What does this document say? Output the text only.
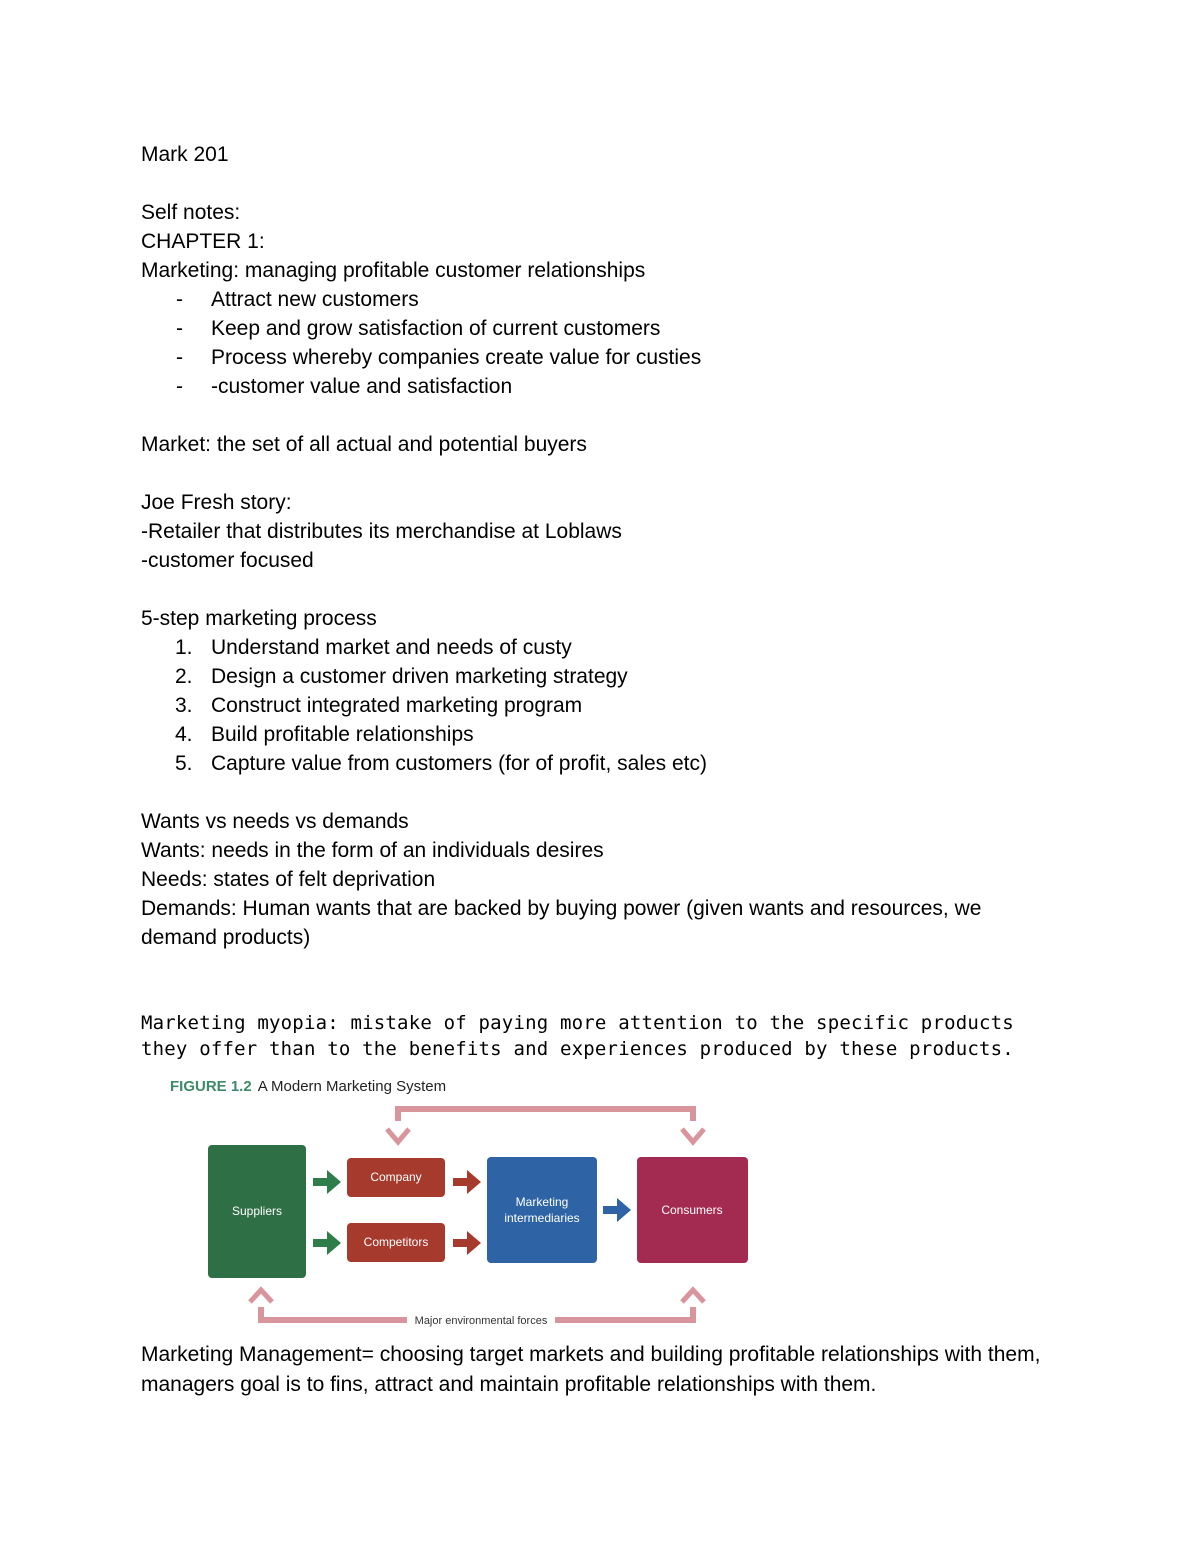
Mark 201

Self notes:

CHAPTER 1:

Marketing: managing profitable customer relationships

-	Attract new customers
-	Keep and grow satisfaction of current customers
-	Process whereby companies create value for custies
-	-customer value and satisfaction

Market: the set of all actual and potential buyers

Joe Fresh story:

-Retailer that distributes its merchandise at Loblaws

-customer focused

5-step marketing process

1. Understand market and needs of custy
2. Design a customer driven marketing strategy
3. Construct integrated marketing program
4. Build profitable relationships
5. Capture value from customers (for of profit, sales etc)

Wants vs needs vs demands

Wants: needs in the form of an individuals desires

Needs: states of felt deprivation

Demands: Human wants that are backed by buying power (given wants and resources, we demand products)

Marketing myopia: mistake of paying more attention to the specific products they offer than to the benefits and experiences produced by these products.

FIGURE 1.2 A Modern Marketing System
Suppliers
Company
Competitors
Marketing
intermediaries
Consumers
Major environmental forces

Marketing Management= choosing target markets and building profitable relationships with them, managers goal is to fins, attract and maintain profitable relationships with them.
